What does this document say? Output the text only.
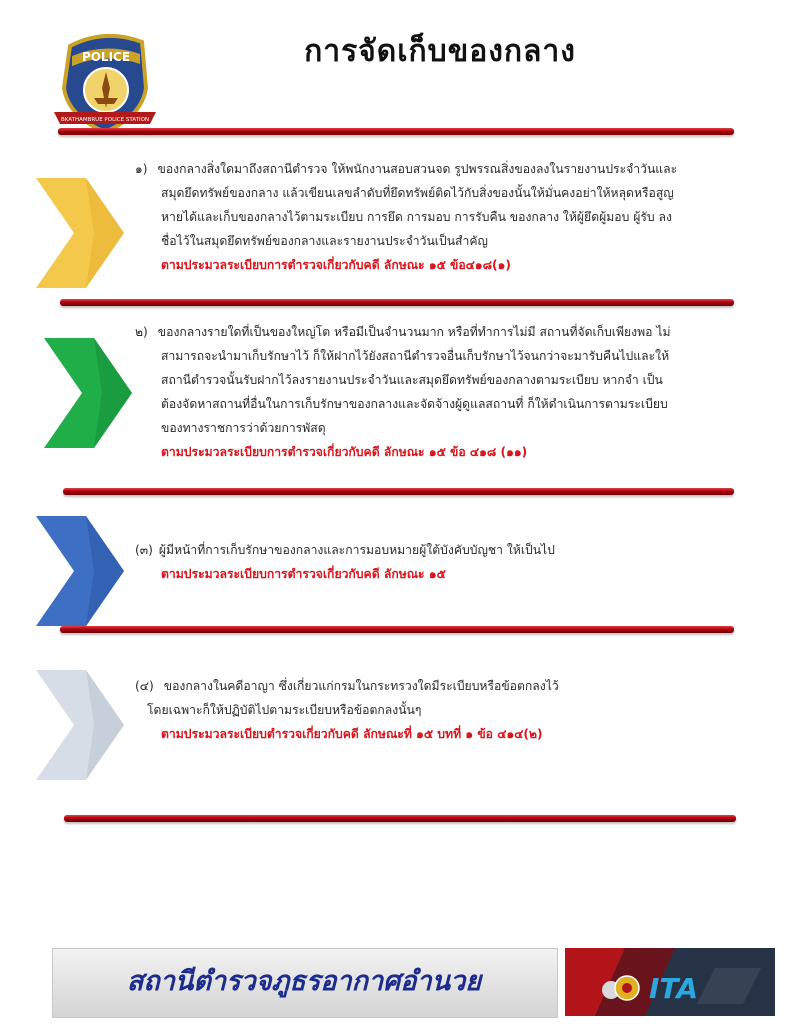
POLICE
BKATHAMBRUE POLICE STATION
การจัดเก็บของกลาง

๑) ของกลางสิ่งใดมาถึงสถานีตำรวจ ให้พนักงานสอบสวนจด รูปพรรณสิ่งของลงในรายงานประจำวันและ

สมุดยึดทรัพย์ของกลาง แล้วเขียนเลขลำดับที่ยึดทรัพย์ติดไว้กับสิ่งของนั้นให้มั่นคงอย่าให้หลุดหรือสูญ

หายได้และเก็บของกลางไว้ตามระเบียบ การยึด การมอบ การรับคืน ของกลาง ให้ผู้ยึดผู้มอบ ผู้รับ ลง

ชื่อไว้ในสมุดยึดทรัพย์ของกลางและรายงานประจำวันเป็นสำคัญ

ตามประมวลระเบียบการตำรวจเกี่ยวกับคดี ลักษณะ ๑๕ ข้อ๔๑๘(๑)

๒) ของกลางรายใดที่เป็นของใหญ่โต หรือมีเป็นจำนวนมาก หรือที่ทำการไม่มี สถานที่จัดเก็บเพียงพอ ไม่

สามารถจะนำมาเก็บรักษาไว้ ก็ให้ฝากไว้ยังสถานีตำรวจอื่นเก็บรักษาไว้จนกว่าจะมารับคืนไปและให้

สถานีตำรวจนั้นรับฝากไว้ลงรายงานประจำวันและสมุดยึดทรัพย์ของกลางตามระเบียบ หากจำ เป็น

ต้องจัดหาสถานที่อื่นในการเก็บรักษาของกลางและจัดจ้างผู้ดูแลสถานที่ ก็ให้ดำเนินการตามระเบียบ

ของทางราชการว่าด้วยการพัสดุ

ตามประมวลระเบียบการตำรวจเกี่ยวกับคดี ลักษณะ ๑๕ ข้อ ๔๑๘ (๑๑)

(๓) ผู้มีหน้าที่การเก็บรักษาของกลางและการมอบหมายผู้ใต้บังคับบัญชา ให้เป็นไป

ตามประมวลระเบียบการตำรวจเกี่ยวกับคดี ลักษณะ ๑๕

(๔) ของกลางในคดีอาญา ซึ่งเกี่ยวแก่กรมในกระทรวงใดมีระเบียบหรือข้อตกลงไว้

โดยเฉพาะก็ให้ปฏิบัติไปตามระเบียบหรือข้อตกลงนั้นๆ

ตามประมวลระเบียบตำรวจเกี่ยวกับคดี ลักษณะที่ ๑๕ บทที่ ๑ ข้อ ๔๑๔(๒)

สถานีตำรวจภูธรอากาศอำนวย	ITA
